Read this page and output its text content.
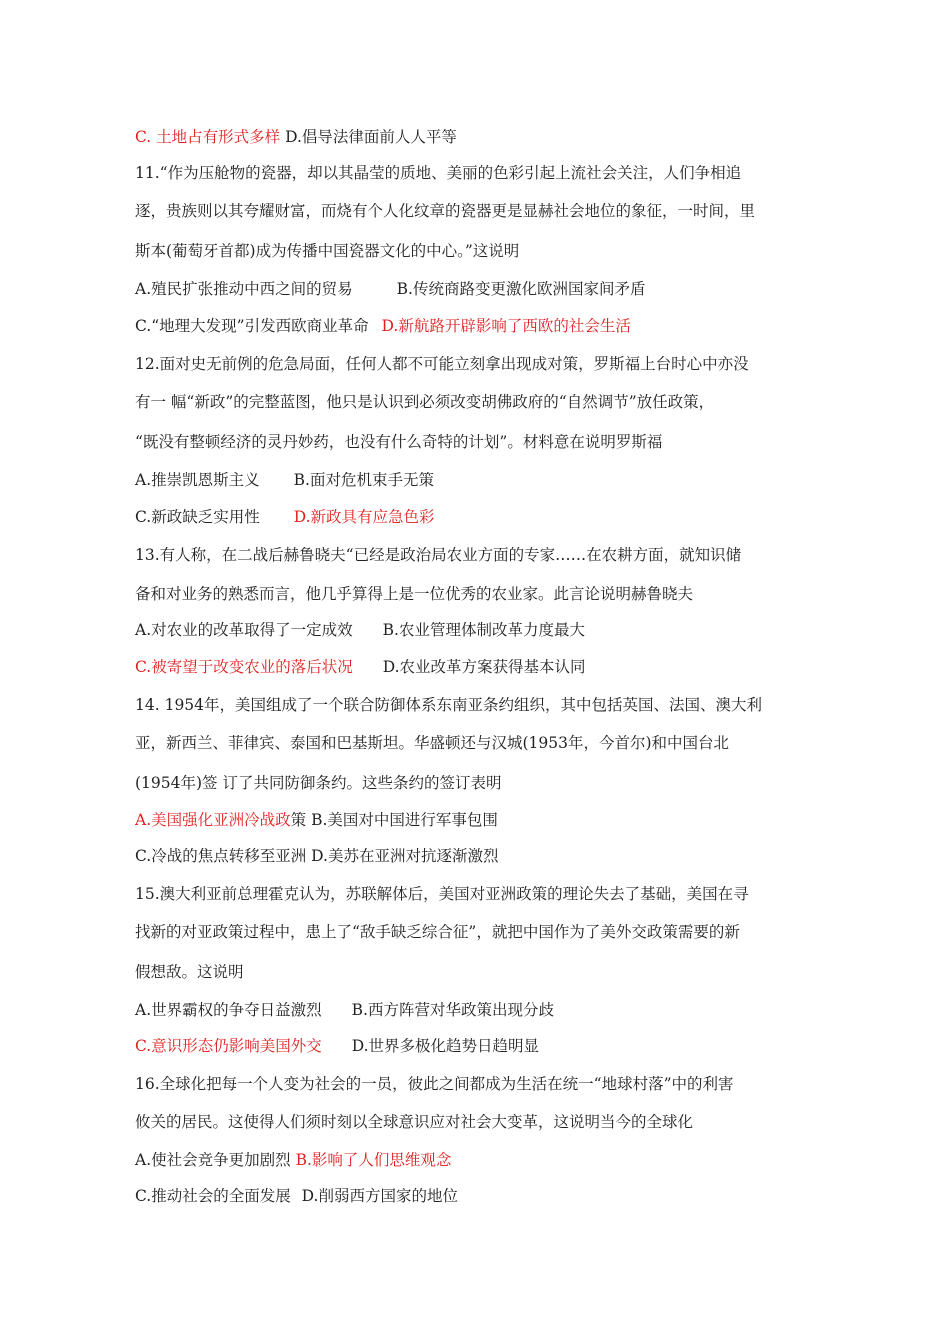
C. 土地占有形式多样 D.倡导法律面前人人平等
11.“作为压舱物的瓷器，却以其晶莹的质地、美丽的色彩引起上流社会关注，人们争相追
逐，贵族则以其夸耀财富，而烧有个人化纹章的瓷器更是显赫社会地位的象征，一时间，里
斯本(葡萄牙首都)成为传播中国瓷器文化的中心。”这说明
A.殖民扩张推动中西之间的贸易	B.传统商路变更激化欧洲国家间矛盾
C.“地理大发现”引发西欧商业革命 D.新航路开辟影响了西欧的社会生活
12.面对史无前例的危急局面，任何人都不可能立刻拿出现成对策，罗斯福上台时心中亦没
有一 幅“新政”的完整蓝图，他只是认识到必须改变胡佛政府的“自然调节”放任政策，
“既没有整顿经济的灵丹妙药，也没有什么奇特的计划”。材料意在说明罗斯福
A.推崇凯恩斯主义 B.面对危机束手无策
C.新政缺乏实用性 D.新政具有应急色彩
13.有人称，在二战后赫鲁晓夫“已经是政治局农业方面的专家……在农耕方面，就知识储
备和对业务的熟悉而言，他几乎算得上是一位优秀的农业家。此言论说明赫鲁晓夫
A.对农业的改革取得了一定成效 B.农业管理体制改革力度最大
C.被寄望于改变农业的落后状况 D.农业改革方案获得基本认同
14. 1954年，美国组成了一个联合防御体系东南亚条约组织，其中包括英国、法国、澳大利
亚，新西兰、菲律宾、泰国和巴基斯坦。华盛顿还与汉城(1953年，今首尔)和中国台北
(1954年)签 订了共同防御条约。这些条约的签订表明
A.美国强化亚洲冷战政策 B.美国对中国进行军事包围
C.冷战的焦点转移至亚洲 D.美苏在亚洲对抗逐渐激烈
15.澳大利亚前总理霍克认为，苏联解体后，美国对亚洲政策的理论失去了基础，美国在寻
找新的对亚政策过程中，患上了“敌手缺乏综合征”，就把中国作为了美外交政策需要的新
假想敌。这说明
A.世界霸权的争夺日益激烈 B.西方阵营对华政策出现分歧
C.意识形态仍影响美国外交 D.世界多极化趋势日趋明显
16.全球化把每一个人变为社会的一员，彼此之间都成为生活在统一“地球村落”中的利害
攸关的居民。这使得人们须时刻以全球意识应对社会大变革，这说明当今的全球化
A.使社会竞争更加剧烈 B.影响了人们思维观念
C.推动社会的全面发展 D.削弱西方国家的地位
